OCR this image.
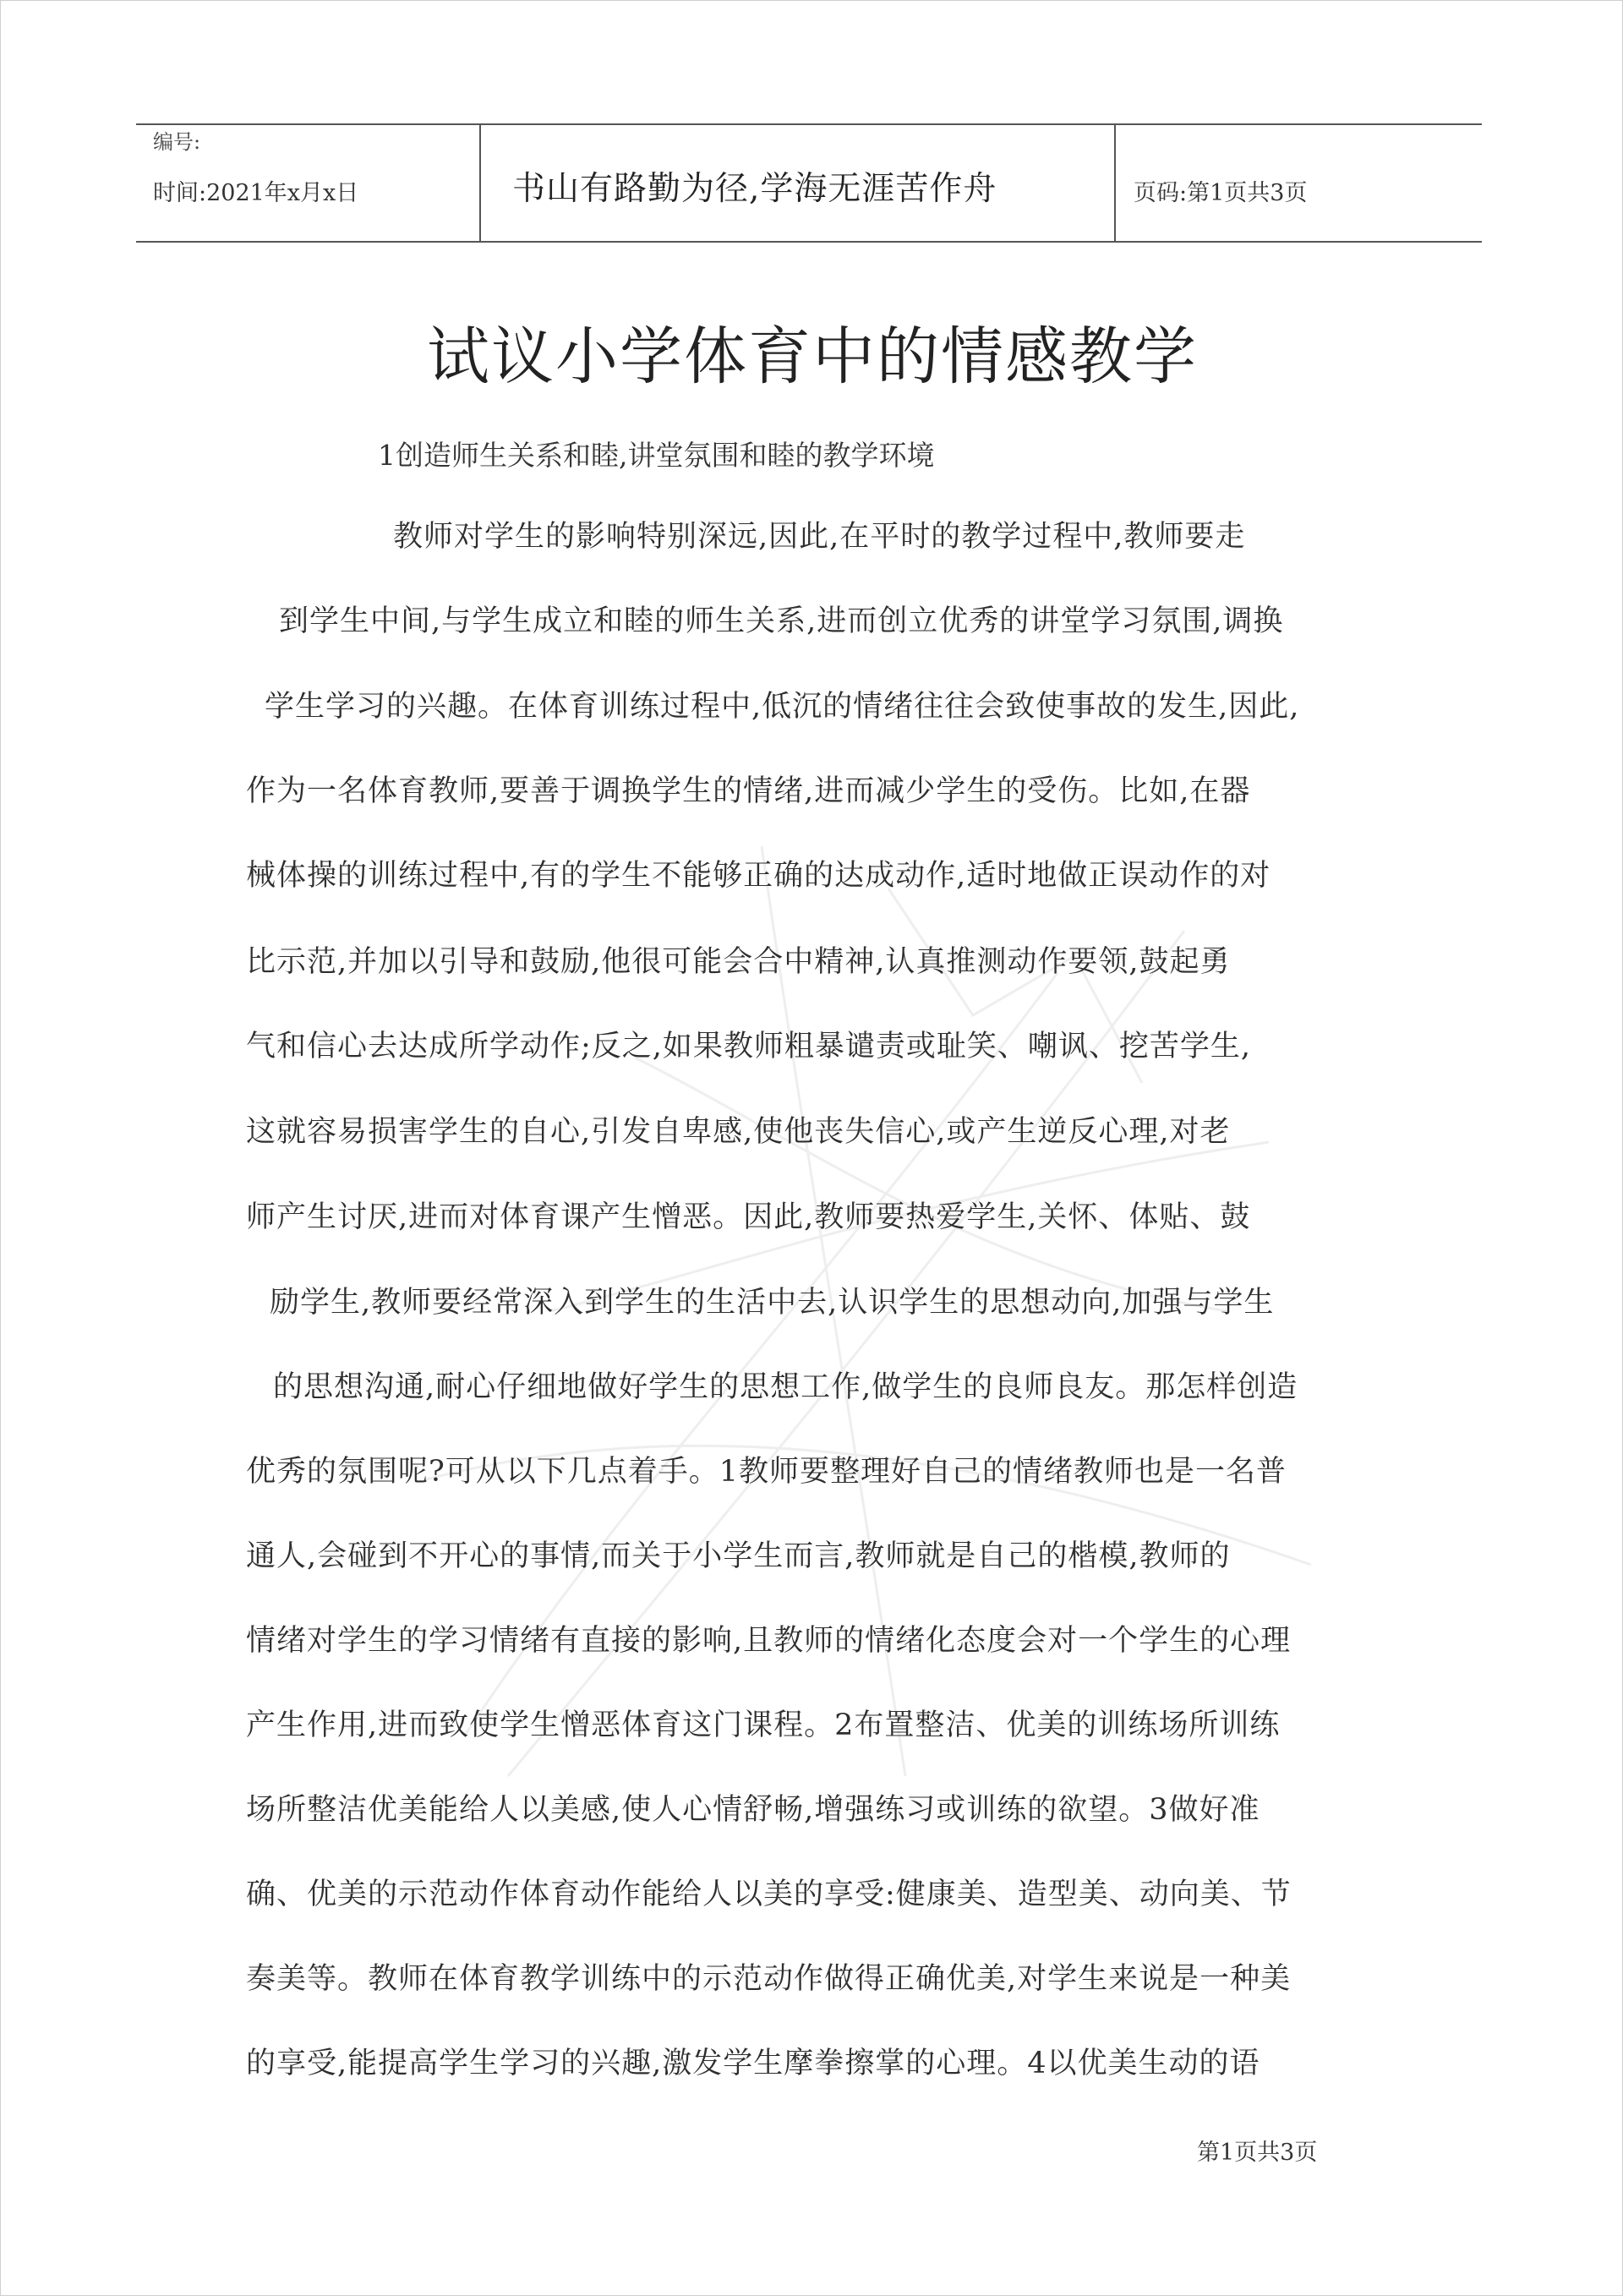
编号:
时间:2021年x月x日	书山有路勤为径,学海无涯苦作舟	页码:第1页共3页
试议小学体育中的情感教学
1创造师生关系和睦,讲堂氛围和睦的教学环境
教师对学生的影响特别深远,因此,在平时的教学过程中,教师要走
到学生中间,与学生成立和睦的师生关系,进而创立优秀的讲堂学习氛围,调换
学生学习的兴趣。在体育训练过程中,低沉的情绪往往会致使事故的发生,因此,
作为一名体育教师,要善于调换学生的情绪,进而减少学生的受伤。比如,在器
械体操的训练过程中,有的学生不能够正确的达成动作,适时地做正误动作的对
比示范,并加以引导和鼓励,他很可能会合中精神,认真推测动作要领,鼓起勇
气和信心去达成所学动作;反之,如果教师粗暴谴责或耻笑、嘲讽、挖苦学生,
这就容易损害学生的自心,引发自卑感,使他丧失信心,或产生逆反心理,对老
师产生讨厌,进而对体育课产生憎恶。因此,教师要热爱学生,关怀、体贴、鼓
励学生,教师要经常深入到学生的生活中去,认识学生的思想动向,加强与学生
的思想沟通,耐心仔细地做好学生的思想工作,做学生的良师良友。那怎样创造
优秀的氛围呢?可从以下几点着手。1教师要整理好自己的情绪教师也是一名普
通人,会碰到不开心的事情,而关于小学生而言,教师就是自己的楷模,教师的
情绪对学生的学习情绪有直接的影响,且教师的情绪化态度会对一个学生的心理
产生作用,进而致使学生憎恶体育这门课程。2布置整洁、优美的训练场所训练
场所整洁优美能给人以美感,使人心情舒畅,增强练习或训练的欲望。3做好准
确、优美的示范动作体育动作能给人以美的享受:健康美、造型美、动向美、节
奏美等。教师在体育教学训练中的示范动作做得正确优美,对学生来说是一种美
的享受,能提高学生学习的兴趣,激发学生摩拳擦掌的心理。4以优美生动的语
第1页共3页
